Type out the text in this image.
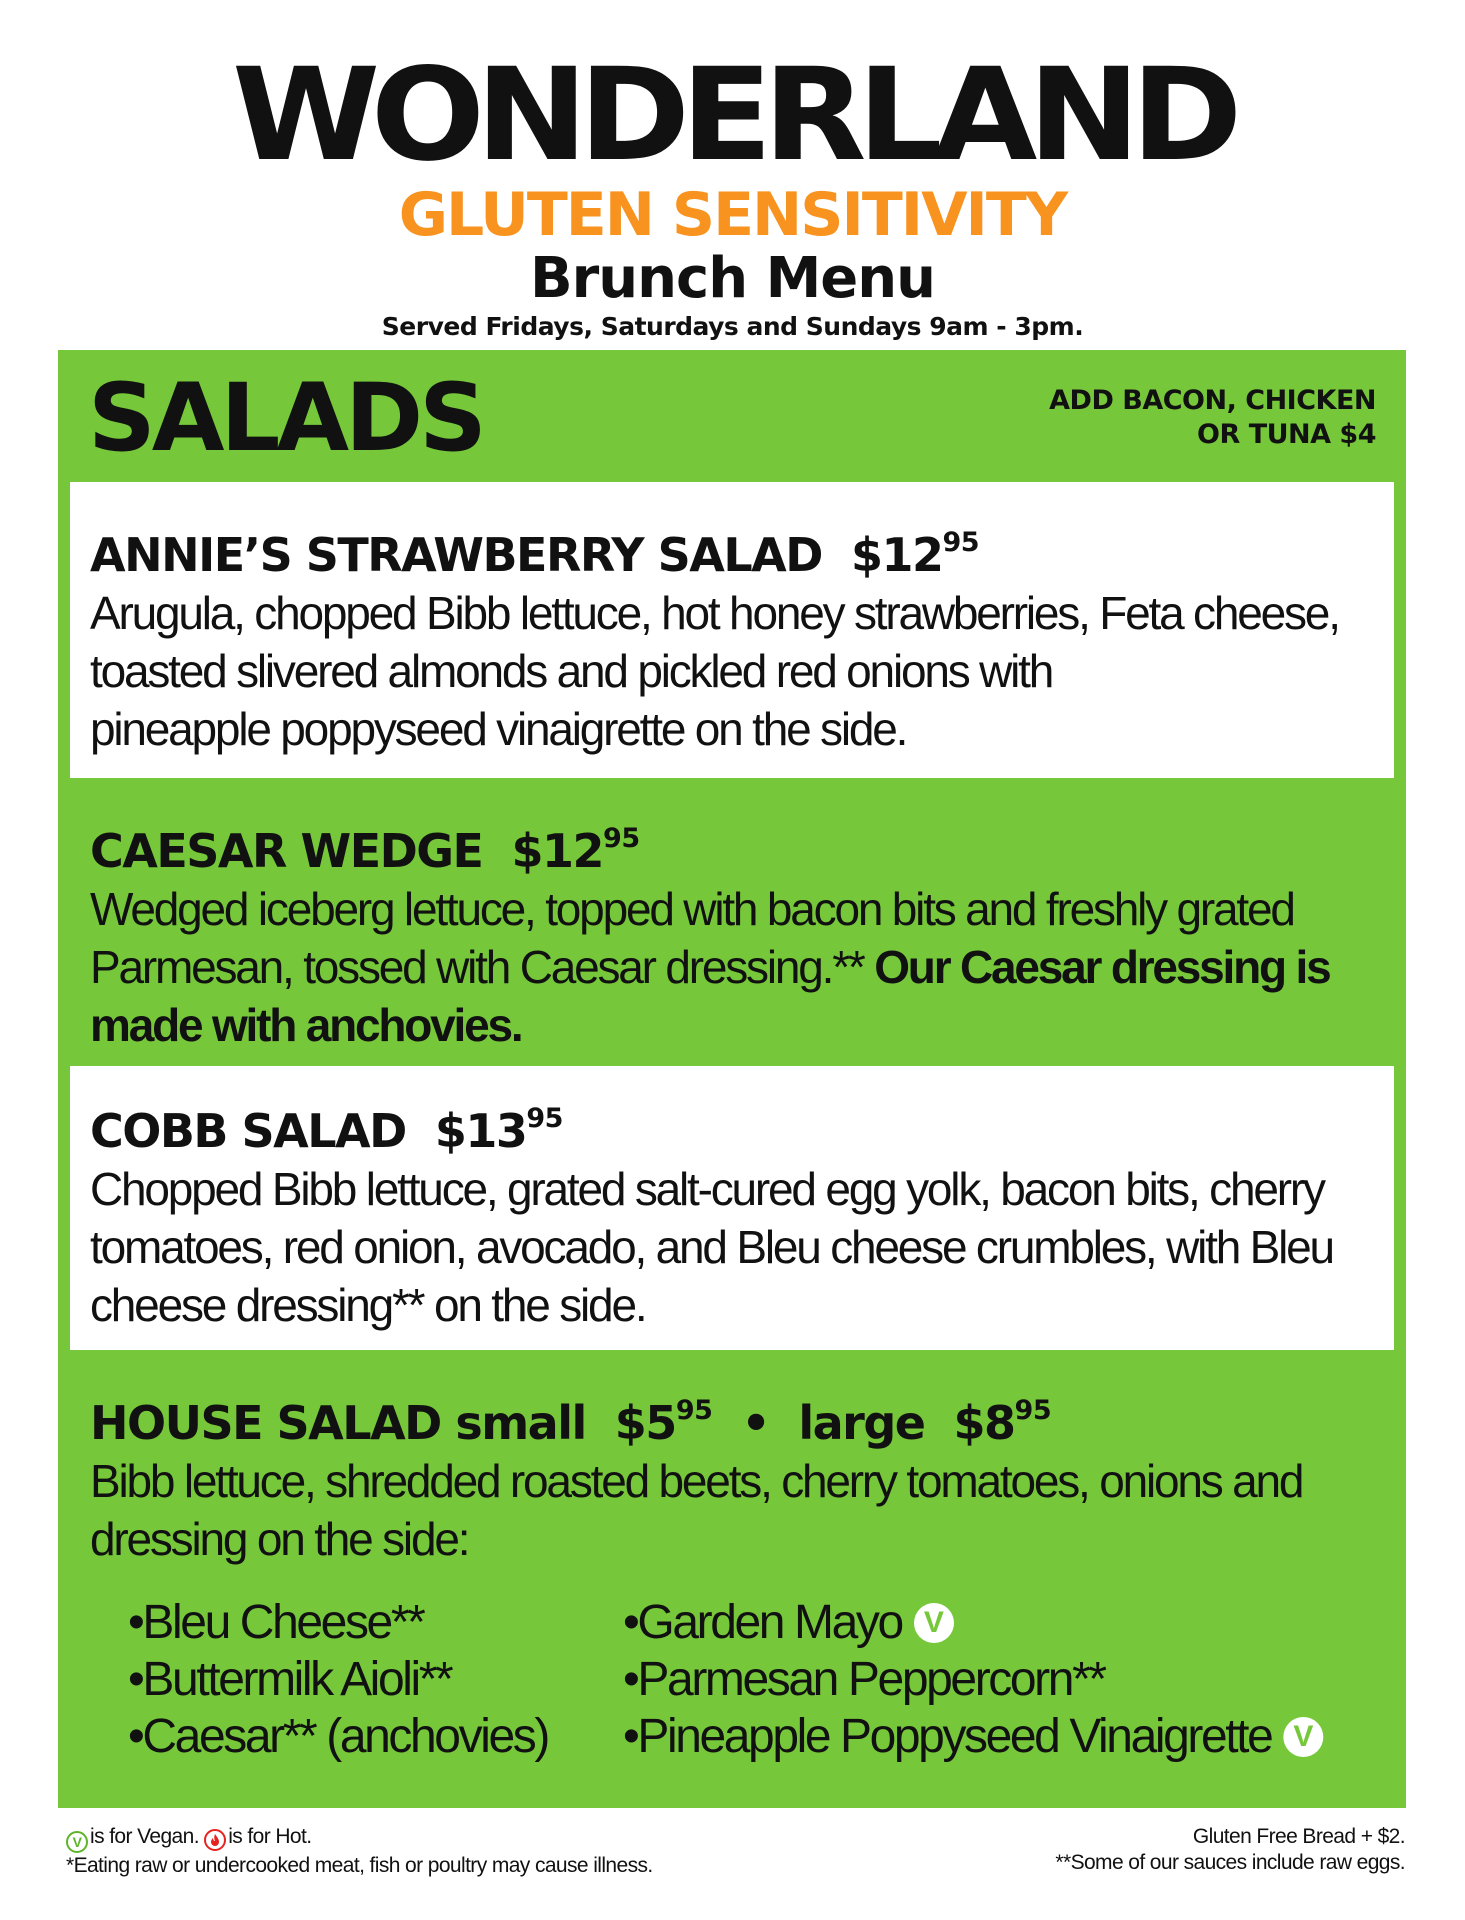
WONDERLAND
GLUTEN SENSITIVITY
Brunch Menu
Served Fridays, Saturdays and Sundays 9am - 3pm.
SALADS	ADD BACON, CHICKEN
OR TUNA $4
ANNIE’S STRAWBERRY SALAD $\$12^{95}$
Arugula, chopped Bibb lettuce, hot honey strawberries, Feta cheese,
toasted slivered almonds and pickled red onions with
pineapple poppyseed vinaigrette on the side.
CAESAR WEDGE $\$12^{95}$
Wedged iceberg lettuce, topped with bacon bits and freshly grated
Parmesan, tossed with Caesar dressing.** Our Caesar dressing is
made with anchovies.
COBB SALAD $\$13^{95}$
Chopped Bibb lettuce, grated salt-cured egg yolk, bacon bits, cherry
tomatoes, red onion, avocado, and Bleu cheese crumbles, with Bleu
cheese dressing** on the side.
HOUSE SALAD small $\$5^{95}$ • large $\$8^{95}$
Bibb lettuce, shredded roasted beets, cherry tomatoes, onions and
dressing on the side:
•Bleu Cheese**
•Buttermilk Aioli**
•Caesar** (anchovies)
•Garden Mayo V
•Parmesan Peppercorn**
•Pineapple Poppyseed Vinaigrette V
V is for Vegan. is for Hot.
*Eating raw or undercooked meat, fish or poultry may cause illness.
Gluten Free Bread + $2.
**Some of our sauces include raw eggs.
